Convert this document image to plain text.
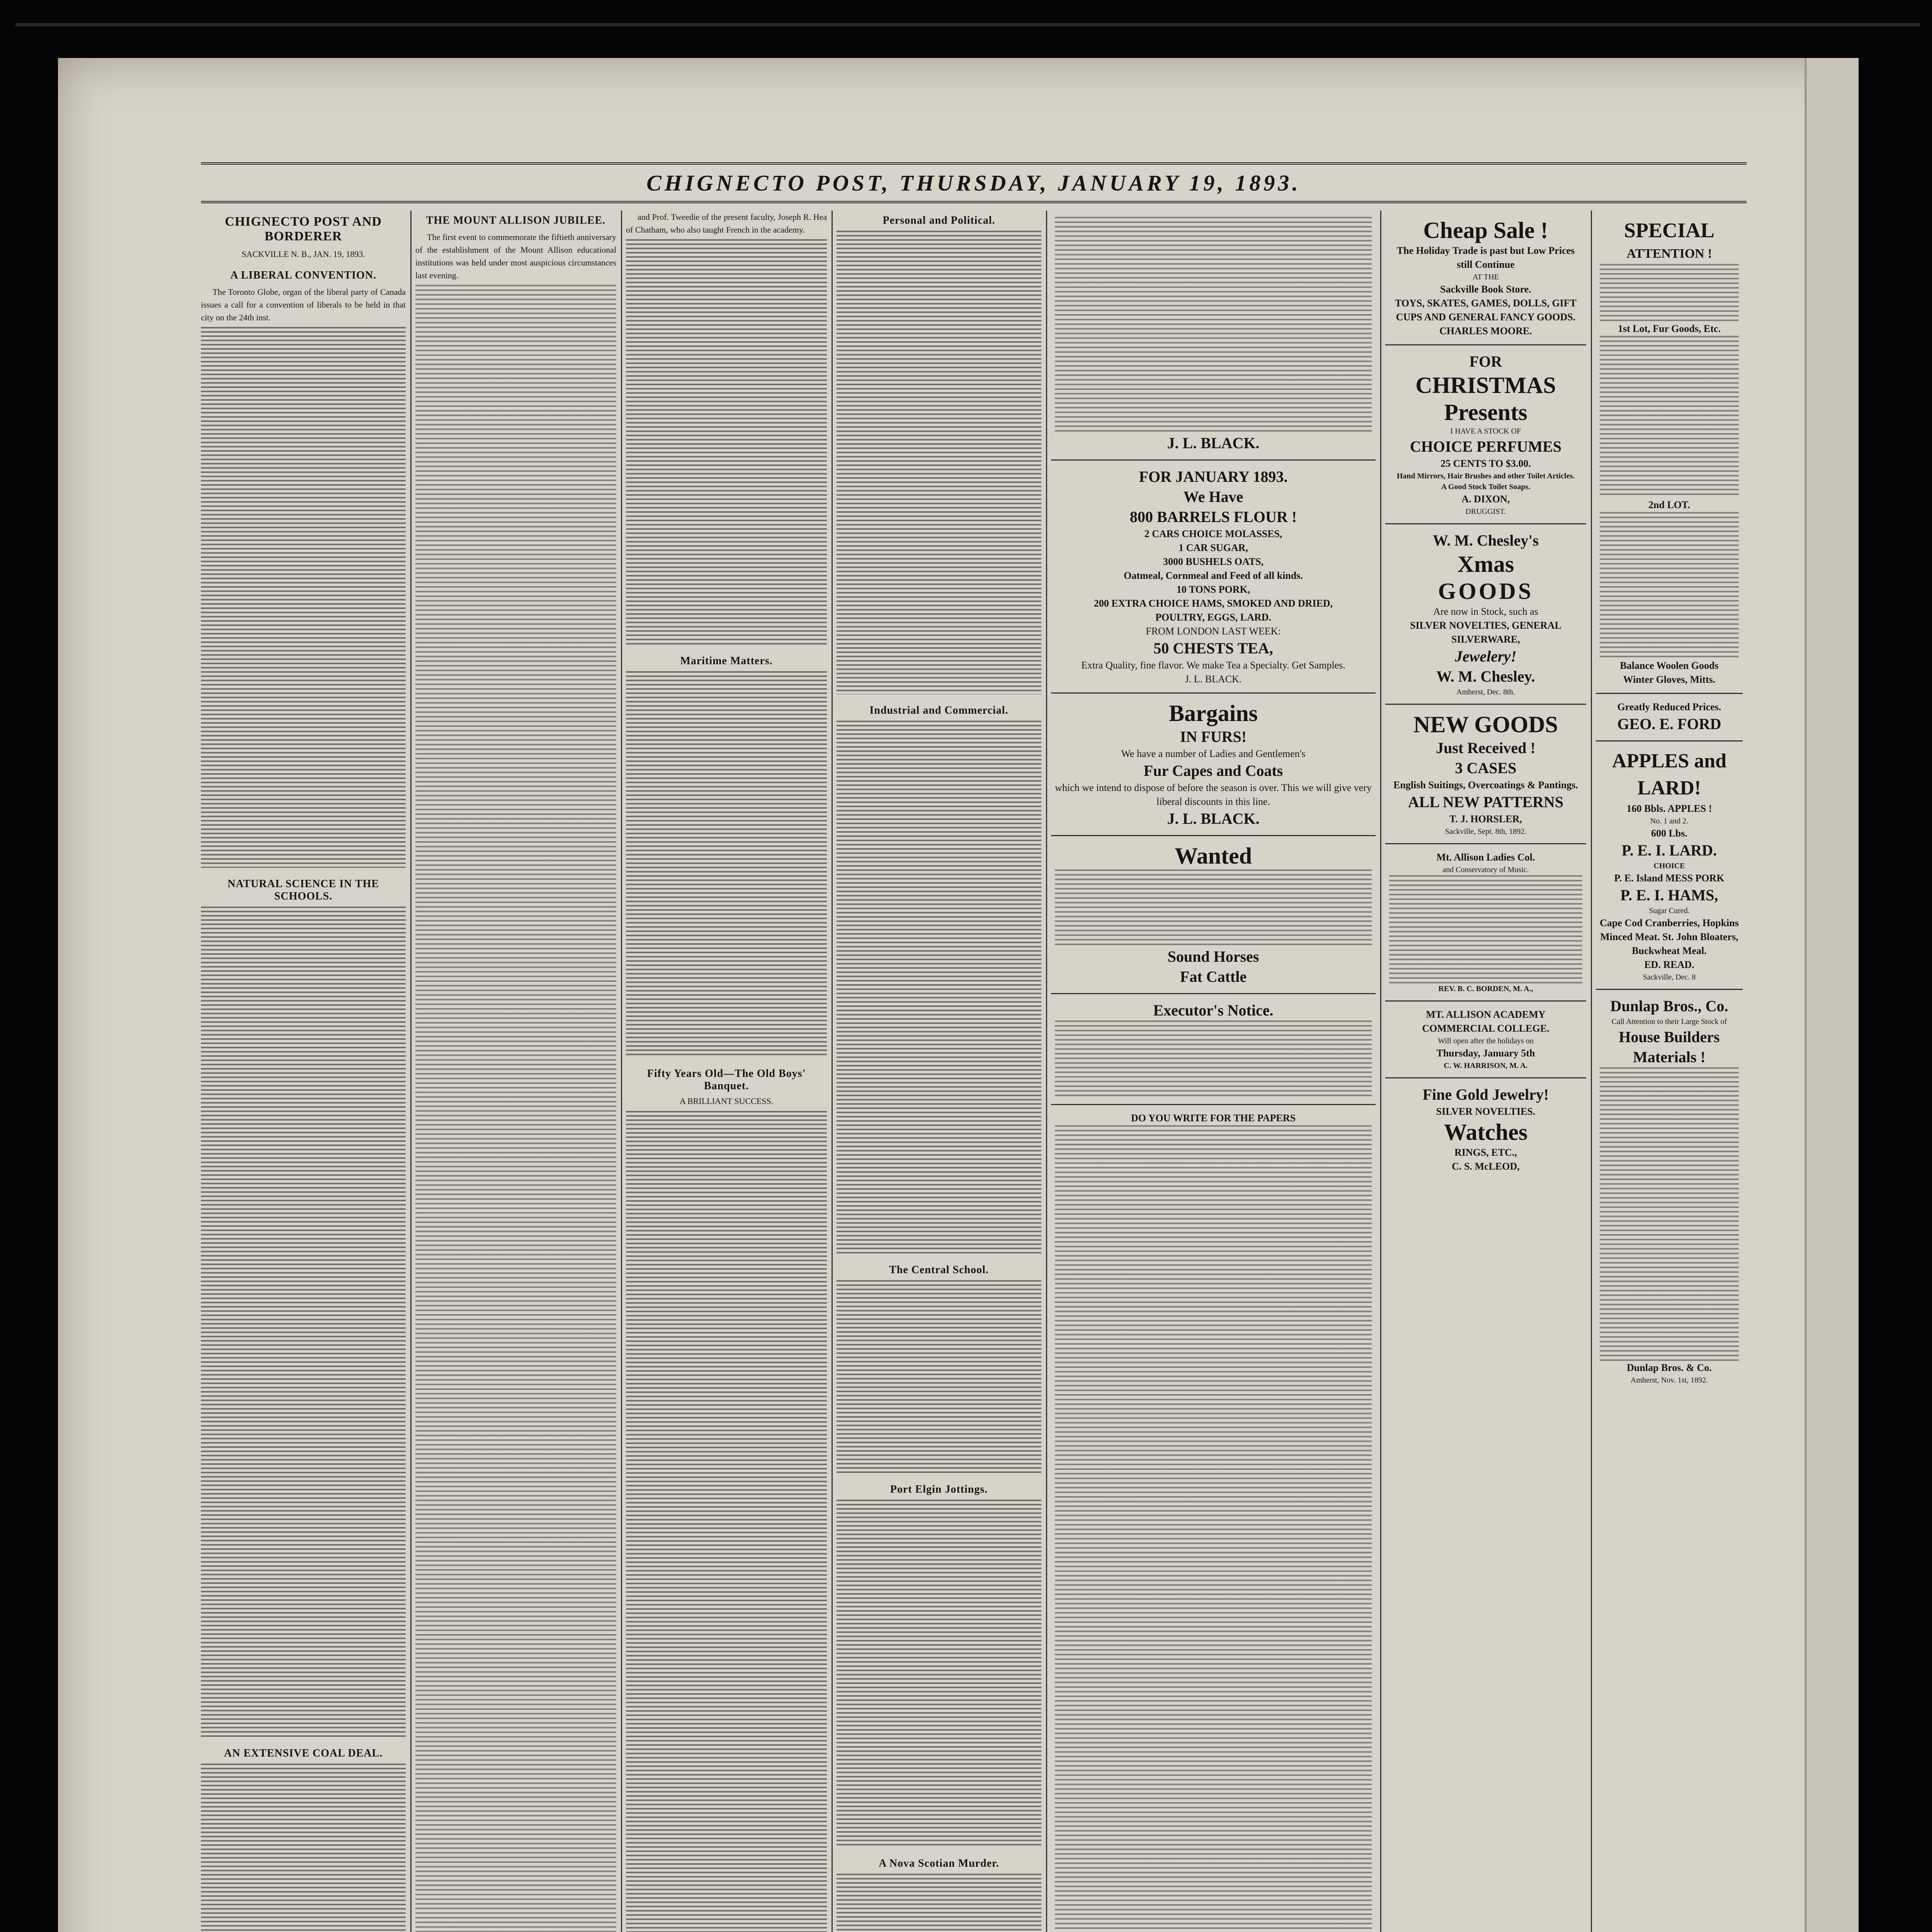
CHIGNECTO POST, THURSDAY, JANUARY 19, 1893.
CHIGNECTO POST AND BORDERER
SACKVILLE N. B., JAN. 19, 1893.
A LIBERAL CONVENTION.

The Toronto Globe, organ of the liberal party of Canada issues a call for a convention of liberals to be held in that city on the 24th inst.

NATURAL SCIENCE IN THE SCHOOLS.
AN EXTENSIVE COAL DEAL.
THE MOUNT ALLISON JUBILEE.

The first event to commemorate the fiftieth anniversary of the establishment of the Mount Allison educational institutions was held under most auspicious circumstances last evening.

and Prof. Tweedie of the present faculty, Joseph R. Hea of Chatham, who also taught French in the academy.

Maritime Matters.
Fifty Years Old—The Old Boys' Banquet.
A BRILLIANT SUCCESS.
Personal and Political.
Industrial and Commercial.
The Central School.
Port Elgin Jottings.
A Nova Scotian Murder.
J. L. BLACK.
FOR JANUARY 1893.
We Have
800 BARRELS FLOUR !
2 CARS CHOICE MOLASSES,
1 CAR SUGAR,
3000 BUSHELS OATS,
Oatmeal, Cornmeal and Feed of all kinds.
10 TONS PORK,
200 EXTRA CHOICE HAMS, SMOKED AND DRIED,
POULTRY, EGGS, LARD.
FROM LONDON LAST WEEK:
50 CHESTS TEA,
Extra Quality, fine flavor. We make Tea a Specialty. Get Samples.
J. L. BLACK.
Bargains
IN FURS!
We have a number of Ladies and Gentlemen's
Fur Capes and Coats
which we intend to dispose of before the season is over. This we will give very liberal discounts in this line.
J. L. BLACK.
Wanted
Sound Horses
Fat Cattle
Executor's Notice.
DO YOU WRITE FOR THE PAPERS
Cheap Sale !
The Holiday Trade is past but Low Prices still Continue
AT THE
Sackville Book Store.
TOYS, SKATES, GAMES, DOLLS, GIFT CUPS AND GENERAL FANCY GOODS.
CHARLES MOORE.
FOR
CHRISTMAS
Presents
I HAVE A STOCK OF
CHOICE PERFUMES
25 CENTS TO $3.00.
Hand Mirrors, Hair Brushes and other Toilet Articles.
A Good Stock Toilet Soaps.
A. DIXON,
DRUGGIST.
W. M. Chesley's
Xmas
GOODS
Are now in Stock, such as
SILVER NOVELTIES, GENERAL SILVERWARE,
Jewelery!
W. M. Chesley.
Amherst, Dec. 8th.
NEW GOODS
Just Received !
3 CASES
English Suitings, Overcoatings & Pantings.
ALL NEW PATTERNS
T. J. HORSLER,
Sackville, Sept. 8th, 1892.
Mt. Allison Ladies Col.
and Conservatory of Music.
REV. B. C. BORDEN, M. A.,
MT. ALLISON ACADEMY
COMMERCIAL COLLEGE.
Will open after the holidays on
Thursday, January 5th
C. W. HARRISON, M. A.
Fine Gold Jewelry!
SILVER NOVELTIES.
Watches
RINGS, ETC.,
C. S. McLEOD,
SPECIAL
ATTENTION !
1st Lot, Fur Goods, Etc.
2nd LOT.
Balance Woolen Goods
Winter Gloves, Mitts.
Greatly Reduced Prices.
GEO. E. FORD
APPLES and LARD!
160 Bbls. APPLES !
No. 1 and 2.
600 Lbs.
P. E. I. LARD.
CHOICE
P. E. Island MESS PORK
P. E. I. HAMS,
Sugar Cured.
Cape Cod Cranberries, Hopkins Minced Meat. St. John Bloaters, Buckwheat Meal.
ED. READ.
Sackville, Dec. 8
Dunlap Bros., Co.
Call Attention to their Large Stock of
House Builders
Materials !
Dunlap Bros. & Co.
Amherst, Nov. 1st, 1892.
